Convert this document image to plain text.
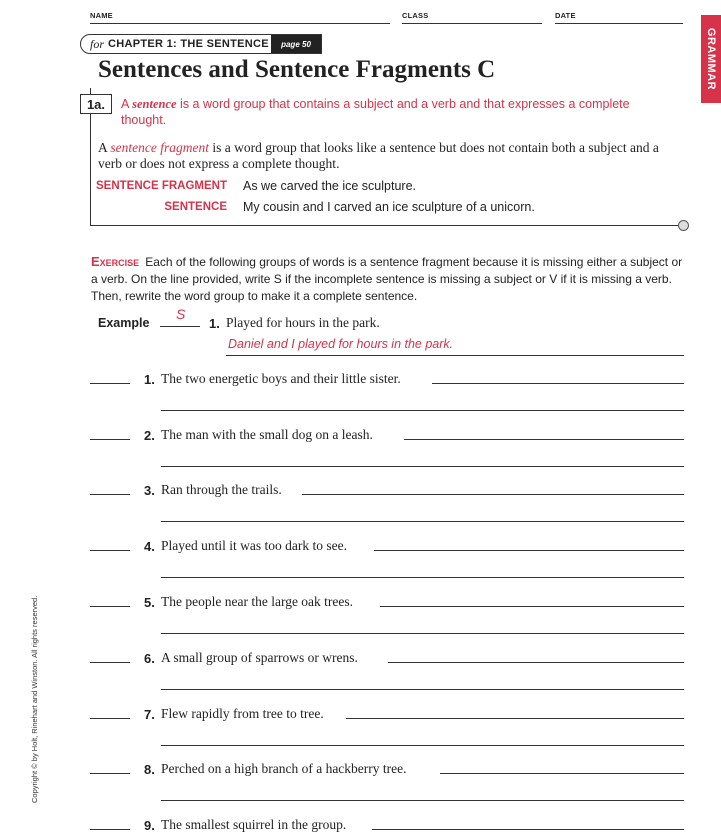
NAME	CLASS	DATE
GRAMMAR
for CHAPTER 1: THE SENTENCE	page 50
Sentences and Sentence Fragments C
1a.	A sentence is a word group that contains a subject and a verb and that expresses a complete thought.
A sentence fragment is a word group that looks like a sentence but does not contain both a subject and a verb or does not express a complete thought.
SENTENCE FRAGMENT As we carved the ice sculpture.
SENTENCE My cousin and I carved an ice sculpture of a unicorn.
Exercise Each of the following groups of words is a sentence fragment because it is missing either a subject or a verb. On the line provided, write S if the incomplete sentence is missing a subject or V if it is missing a verb. Then, rewrite the word group to make it a complete sentence.
Example
S
1. Played for hours in the park.
Daniel and I played for hours in the park.
1. The two energetic boys and their little sister.
2. The man with the small dog on a leash.
3. Ran through the trails.
4. Played until it was too dark to see.
5. The people near the large oak trees.
6. A small group of sparrows or wrens.
7. Flew rapidly from tree to tree.
8. Perched on a high branch of a hackberry tree.
9. The smallest squirrel in the group.
Copyright © by Holt, Rinehart and Winston. All rights reserved.
